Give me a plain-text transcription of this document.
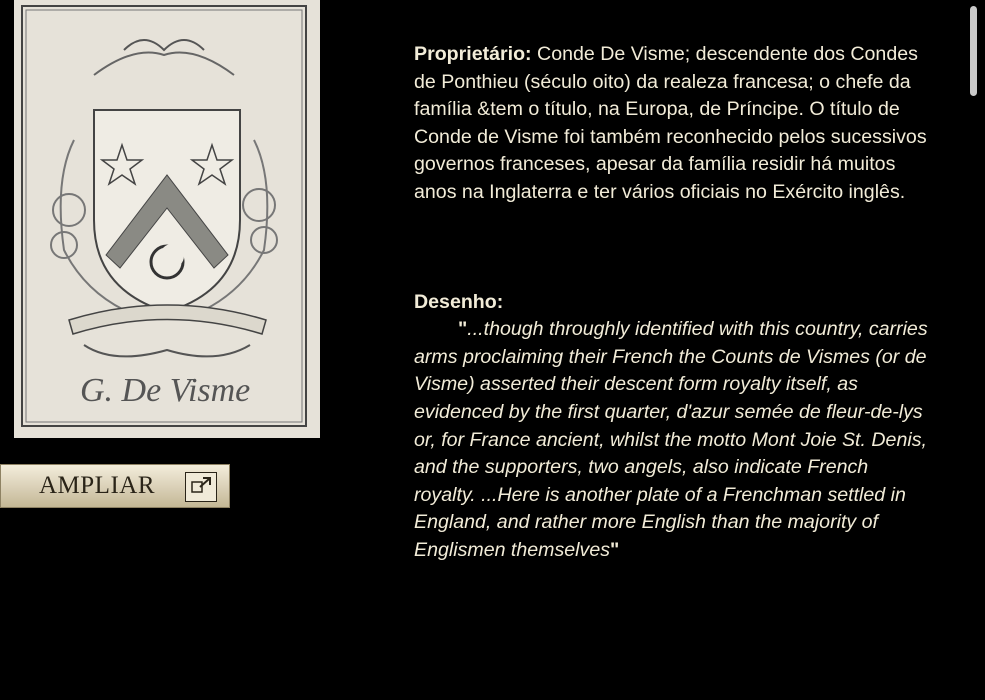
G. De Visme
AMPLIAR

Proprietário: Conde De Visme; descendente dos Condes de Ponthieu (século oito) da realeza francesa; o chefe da família &tem o título, na Europa, de Príncipe. O título de Conde de Visme foi também reconhecido pelos sucessivos governos franceses, apesar da família residir há muitos anos na Inglaterra e ter vários oficiais no Exército inglês.

Desenho:

"...though throughly identified with this country, carries arms proclaiming their French the Counts de Vismes (or de Visme) asserted their descent form royalty itself, as evidenced by the first quarter, d'azur semée de fleur-de-lys or, for France ancient, whilst the motto Mont Joie St. Denis, and the supporters, two angels, also indicate French royalty. ...Here is another plate of a Frenchman settled in England, and rather more English than the majority of Englismen themselves"
